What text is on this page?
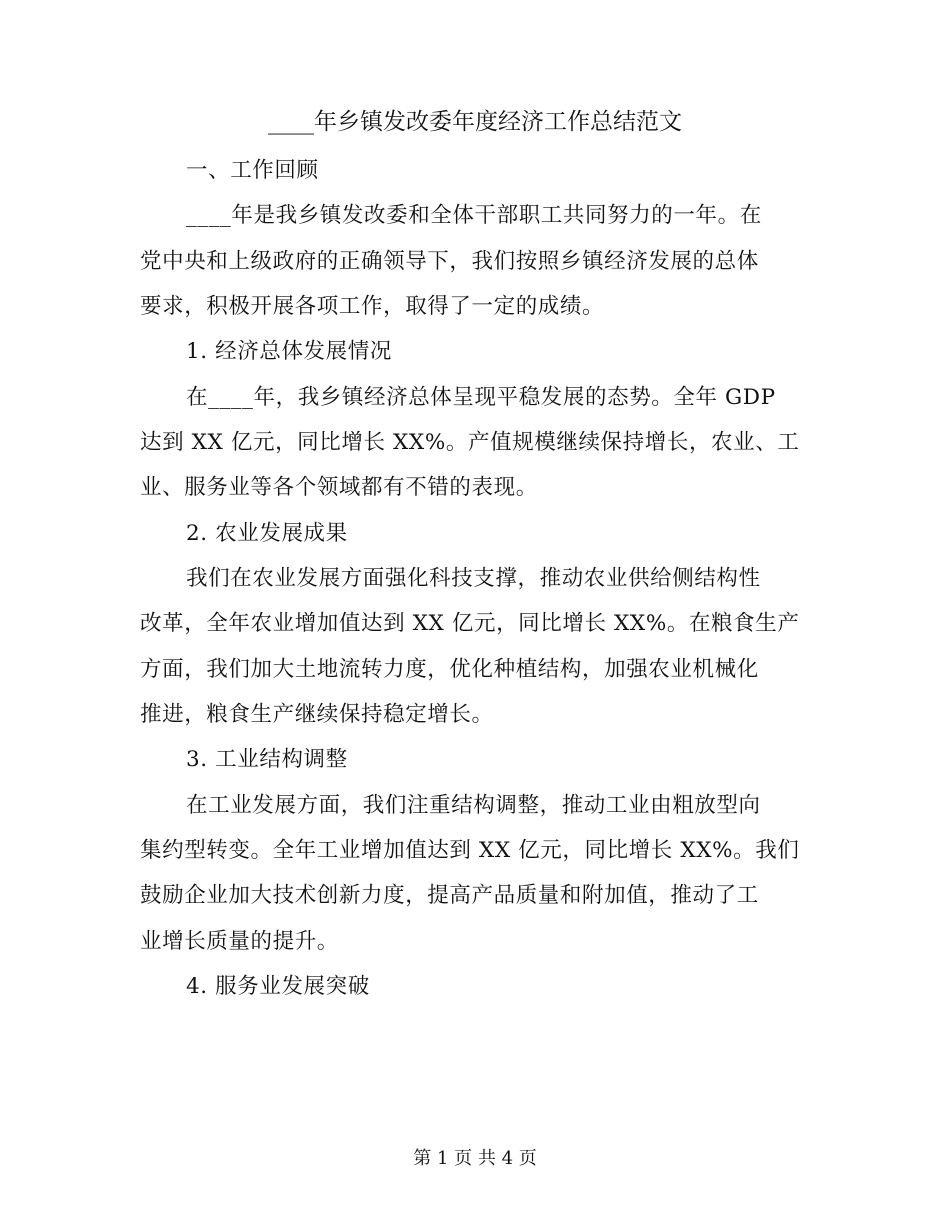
____年乡镇发改委年度经济工作总结范文
一、工作回顾
____年是我乡镇发改委和全体干部职工共同努力的一年。在
党中央和上级政府的正确领导下，我们按照乡镇经济发展的总体
要求，积极开展各项工作，取得了一定的成绩。
1. 经济总体发展情况
在____年，我乡镇经济总体呈现平稳发展的态势。全年 GDP
达到 XX 亿元，同比增长 XX%。产值规模继续保持增长，农业、工
业、服务业等各个领域都有不错的表现。
2. 农业发展成果
我们在农业发展方面强化科技支撑，推动农业供给侧结构性
改革，全年农业增加值达到 XX 亿元，同比增长 XX%。在粮食生产
方面，我们加大土地流转力度，优化种植结构，加强农业机械化
推进，粮食生产继续保持稳定增长。
3. 工业结构调整
在工业发展方面，我们注重结构调整，推动工业由粗放型向
集约型转变。全年工业增加值达到 XX 亿元，同比增长 XX%。我们
鼓励企业加大技术创新力度，提高产品质量和附加值，推动了工
业增长质量的提升。
4. 服务业发展突破
第 1 页 共 4 页
